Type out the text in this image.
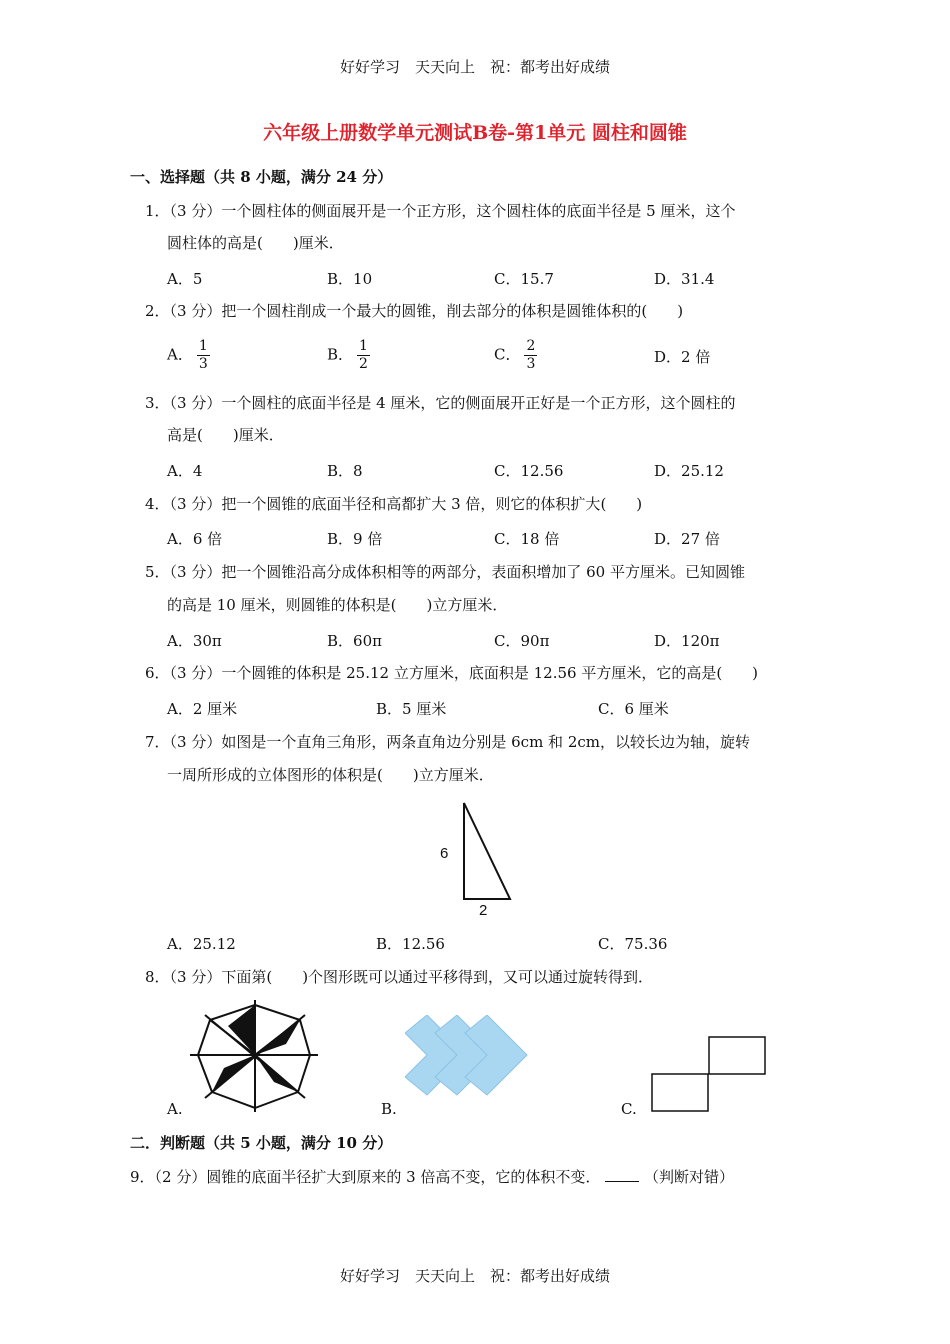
好好学习　天天向上　祝：都考出好成绩
六年级上册数学单元测试B卷-第1单元 圆柱和圆锥
一、选择题（共 8 小题，满分 24 分）
1．（3 分）一个圆柱体的侧面展开是一个正方形，这个圆柱体的底面半径是 5 厘米，这个
圆柱体的高是(　　)厘米．
A．5	B．10	C．15.7	D．31.4
2．（3 分）把一个圆柱削成一个最大的圆锥，削去部分的体积是圆锥体积的(　　)
A． $\frac{1}{3}$	B． $\frac{1}{2}$	C． $\frac{2}{3}$	D．2 倍
3．（3 分）一个圆柱的底面半径是 4 厘米，它的侧面展开正好是一个正方形，这个圆柱的
高是(　　)厘米．
A．4	B．8	C．12.56	D．25.12
4．（3 分）把一个圆锥的底面半径和高都扩大 3 倍，则它的体积扩大(　　)
A．6 倍	B．9 倍	C．18 倍	D．27 倍
5．（3 分）把一个圆锥沿高分成体积相等的两部分，表面积增加了 60 平方厘米。已知圆锥
的高是 10 厘米，则圆锥的体积是(　　)立方厘米．
A．30π	B．60π	C．90π	D．120π
6．（3 分）一个圆锥的体积是 25.12 立方厘米，底面积是 12.56 平方厘米，它的高是(　　)
A．2 厘米	B．5 厘米	C．6 厘米
7．（3 分）如图是一个直角三角形，两条直角边分别是 6cm 和 2cm，以较长边为轴，旋转
一周所形成的立体图形的体积是(　　)立方厘米．
6
2
A．25.12	B．12.56	C．75.36
8．（3 分）下面第(　　)个图形既可以通过平移得到，又可以通过旋转得到．
A.	B.	C.
二．判断题（共 5 小题，满分 10 分）
9．（2 分）圆锥的底面半径扩大到原来的 3 倍高不变，它的体积不变．	（判断对错）
好好学习　天天向上　祝：都考出好成绩
